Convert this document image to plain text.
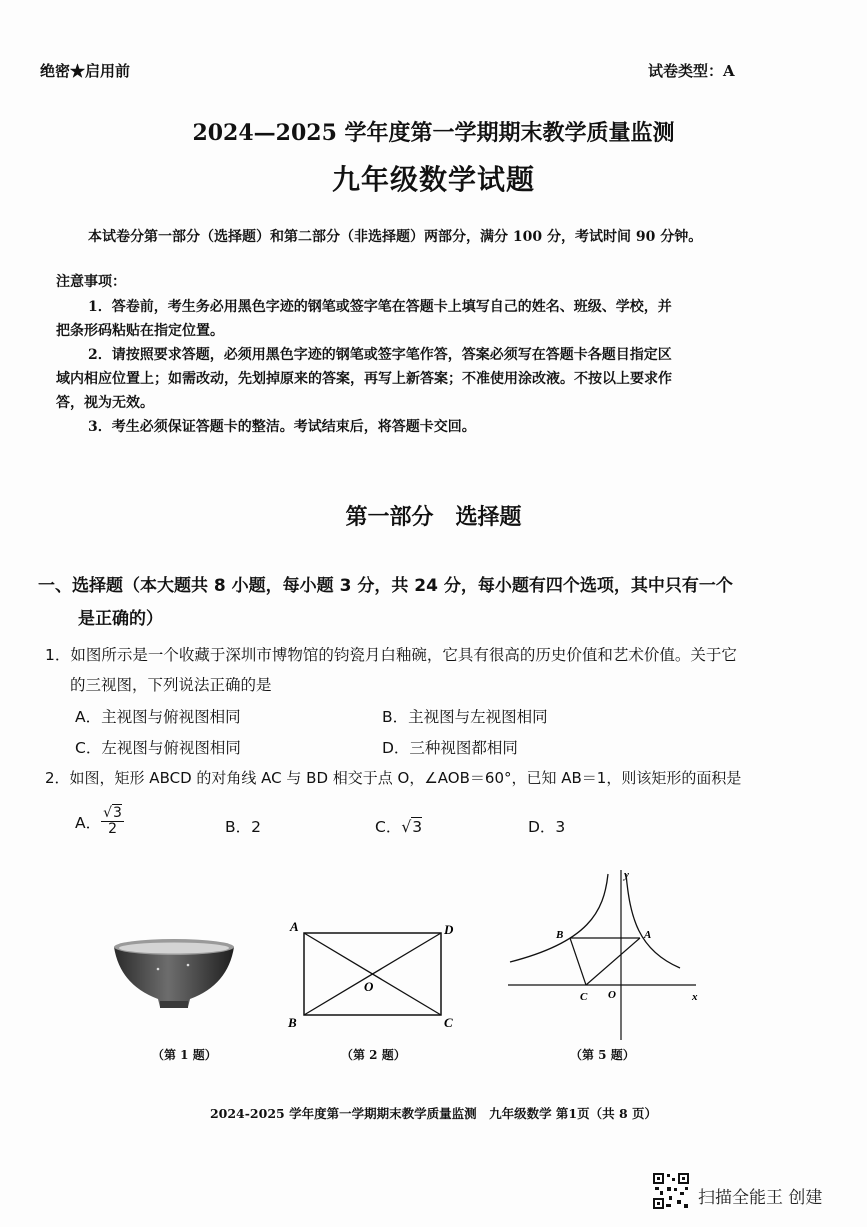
绝密★启用前	试卷类型：A
2024—2025 学年度第一学期期末教学质量监测
九年级数学试题
本试卷分第一部分（选择题）和第二部分（非选择题）两部分，满分 100 分，考试时间 90 分钟。
注意事项：
1．答卷前，考生务必用黑色字迹的钢笔或签字笔在答题卡上填写自己的姓名、班级、学校，并
把条形码粘贴在指定位置。
2．请按照要求答题，必须用黑色字迹的钢笔或签字笔作答，答案必须写在答题卡各题目指定区
域内相应位置上；如需改动，先划掉原来的答案，再写上新答案；不准使用涂改液。不按以上要求作
答，视为无效。
3．考生必须保证答题卡的整洁。考试结束后，将答题卡交回。
第一部分 选择题
一、选择题（本大题共 8 小题，每小题 3 分，共 24 分，每小题有四个选项，其中只有一个
是正确的）
1．如图所示是一个收藏于深圳市博物馆的钧瓷月白釉碗，它具有很高的历史价值和艺术价值。关于它
的三视图，下列说法正确的是
A．主视图与俯视图相同	B．主视图与左视图相同
C．左视图与俯视图相同	D．三种视图都相同
2．如图，矩形 ABCD 的对角线 AC 与 BD 相交于点 O，∠AOB＝60°，已知 AB＝1，则该矩形的面积是
A． $\frac{√3}{2}$	B．2	C．√3	D．3
A	D
B	C
O
x
y
B	A
C O
（第 1 题）	（第 2 题）	（第 5 题）
2024-2025 学年度第一学期期末教学质量监测　九年级数学 第1页（共 8 页）
扫描全能王 创建
